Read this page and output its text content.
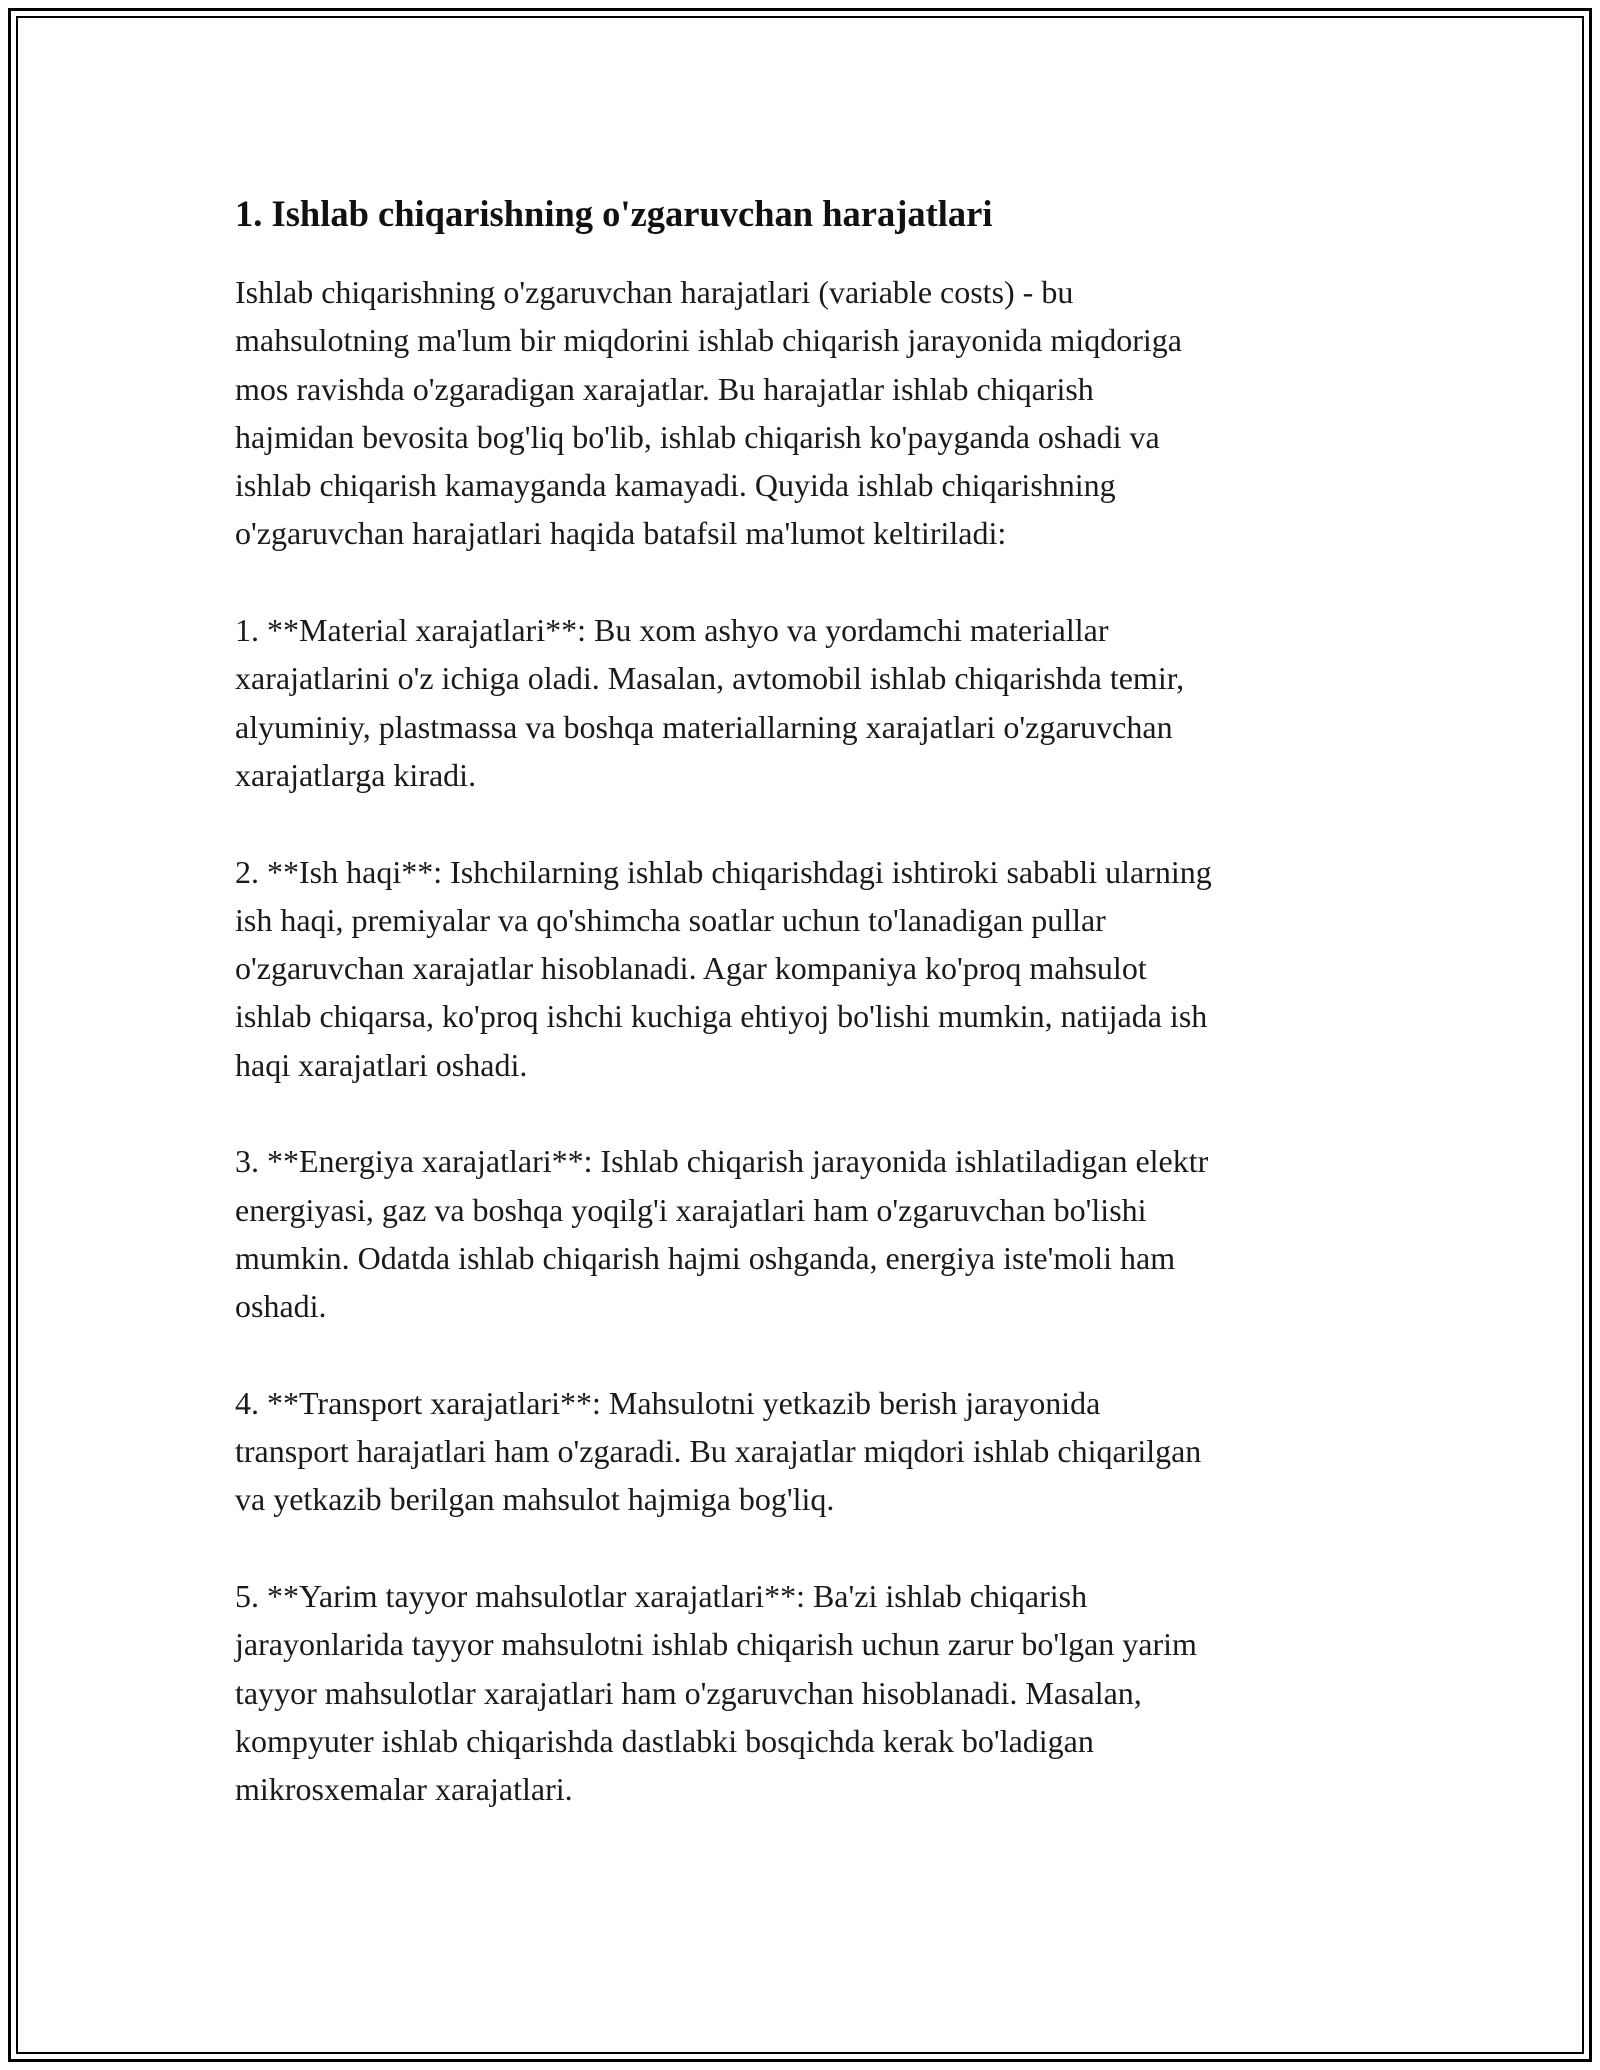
1. Ishlab chiqarishning o'zgaruvchan harajatlari

Ishlab chiqarishning o'zgaruvchan harajatlari (variable costs) - bu
mahsulotning ma'lum bir miqdorini ishlab chiqarish jarayonida miqdoriga
mos ravishda o'zgaradigan xarajatlar. Bu harajatlar ishlab chiqarish
hajmidan bevosita bog'liq bo'lib, ishlab chiqarish ko'payganda oshadi va
ishlab chiqarish kamayganda kamayadi. Quyida ishlab chiqarishning
o'zgaruvchan harajatlari haqida batafsil ma'lumot keltiriladi:

1. **Material xarajatlari**: Bu xom ashyo va yordamchi materiallar
xarajatlarini o'z ichiga oladi. Masalan, avtomobil ishlab chiqarishda temir,
alyuminiy, plastmassa va boshqa materiallarning xarajatlari o'zgaruvchan
xarajatlarga kiradi.

2. **Ish haqi**: Ishchilarning ishlab chiqarishdagi ishtiroki sababli ularning
ish haqi, premiyalar va qo'shimcha soatlar uchun to'lanadigan pullar
o'zgaruvchan xarajatlar hisoblanadi. Agar kompaniya ko'proq mahsulot
ishlab chiqarsa, ko'proq ishchi kuchiga ehtiyoj bo'lishi mumkin, natijada ish
haqi xarajatlari oshadi.

3. **Energiya xarajatlari**: Ishlab chiqarish jarayonida ishlatiladigan elektr
energiyasi, gaz va boshqa yoqilg'i xarajatlari ham o'zgaruvchan bo'lishi
mumkin. Odatda ishlab chiqarish hajmi oshganda, energiya iste'moli ham
oshadi.

4. **Transport xarajatlari**: Mahsulotni yetkazib berish jarayonida
transport harajatlari ham o'zgaradi. Bu xarajatlar miqdori ishlab chiqarilgan
va yetkazib berilgan mahsulot hajmiga bog'liq.

5. **Yarim tayyor mahsulotlar xarajatlari**: Ba'zi ishlab chiqarish
jarayonlarida tayyor mahsulotni ishlab chiqarish uchun zarur bo'lgan yarim
tayyor mahsulotlar xarajatlari ham o'zgaruvchan hisoblanadi. Masalan,
kompyuter ishlab chiqarishda dastlabki bosqichda kerak bo'ladigan
mikrosxemalar xarajatlari.
